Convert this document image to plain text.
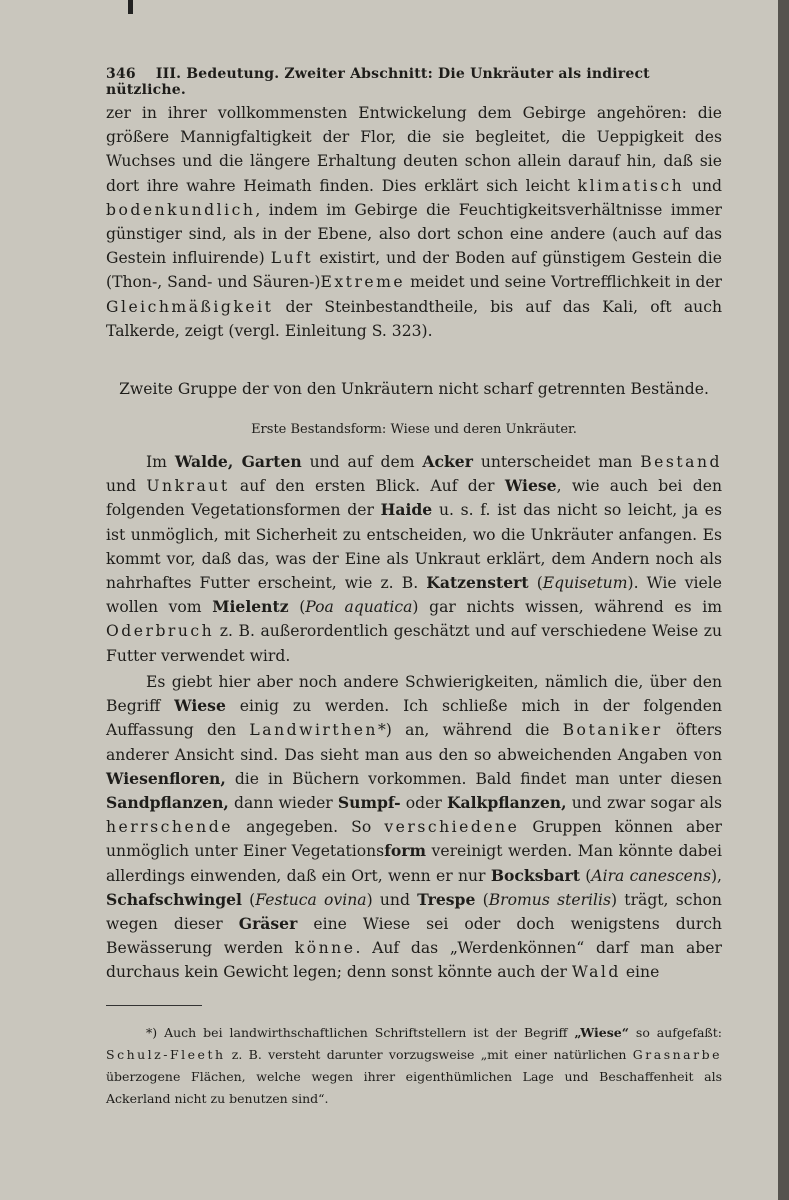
346 III. Bedeutung. Zweiter Abschnitt: Die Unkräuter als indirect nützliche.

zer in ihrer vollkommensten Entwickelung dem Gebirge angehören: die größere Mannigfaltigkeit der Flor, die sie begleitet, die Ueppigkeit des Wuchses und die längere Erhaltung deuten schon allein darauf hin, daß sie dort ihre wahre Heimath finden. Dies erklärt sich leicht klimatisch und bodenkundlich, indem im Gebirge die Feuchtigkeitsverhältnisse immer günstiger sind, als in der Ebene, also dort schon eine andere (auch auf das Gestein influirende) Luft existirt, und der Boden auf günstigem Gestein die (Thon-, Sand- und Säuren-)Extreme meidet und seine Vortrefflichkeit in der Gleichmäßigkeit der Steinbestandtheile, bis auf das Kali, oft auch Talkerde, zeigt (vergl. Einleitung S. 323).

Zweite Gruppe der von den Unkräutern nicht scharf getrennten Bestände.

Erste Bestandsform: Wiese und deren Unkräuter.

Im Walde, Garten und auf dem Acker unterscheidet man Bestand und Unkraut auf den ersten Blick. Auf der Wiese, wie auch bei den folgenden Vegetationsformen der Haide u. s. f. ist das nicht so leicht, ja es ist unmöglich, mit Sicherheit zu entscheiden, wo die Unkräuter anfangen. Es kommt vor, daß das, was der Eine als Unkraut erklärt, dem Andern noch als nahrhaftes Futter erscheint, wie z. B. Katzenstert (Equisetum). Wie viele wollen vom Mielentz (Poa aquatica) gar nichts wissen, während es im Oderbruch z. B. außerordentlich geschätzt und auf verschiedene Weise zu Futter verwendet wird.

Es giebt hier aber noch andere Schwierigkeiten, nämlich die, über den Begriff Wiese einig zu werden. Ich schließe mich in der folgenden Auffassung den Landwirthen*) an, während die Botaniker öfters anderer Ansicht sind. Das sieht man aus den so abweichenden Angaben von Wiesenfloren, die in Büchern vorkommen. Bald findet man unter diesen Sandpflanzen, dann wieder Sumpf- oder Kalkpflanzen, und zwar sogar als herrschende angegeben. So verschiedene Gruppen können aber unmöglich unter Einer Vegetationsform vereinigt werden. Man könnte dabei allerdings einwenden, daß ein Ort, wenn er nur Bocksbart (Aira canescens), Schafschwingel (Festuca ovina) und Trespe (Bromus sterilis) trägt, schon wegen dieser Gräser eine Wiese sei oder doch wenigstens durch Bewässerung werden könne. Auf das „Werdenkönnen“ darf man aber durchaus kein Gewicht legen; denn sonst könnte auch der Wald eine

*) Auch bei landwirthschaftlichen Schriftstellern ist der Begriff „Wiese“ so aufgefaßt: Schulz-Fleeth z. B. versteht darunter vorzugsweise „mit einer natürlichen Grasnarbe überzogene Flächen, welche wegen ihrer eigenthümlichen Lage und Beschaffenheit als Ackerland nicht zu benutzen sind“.
